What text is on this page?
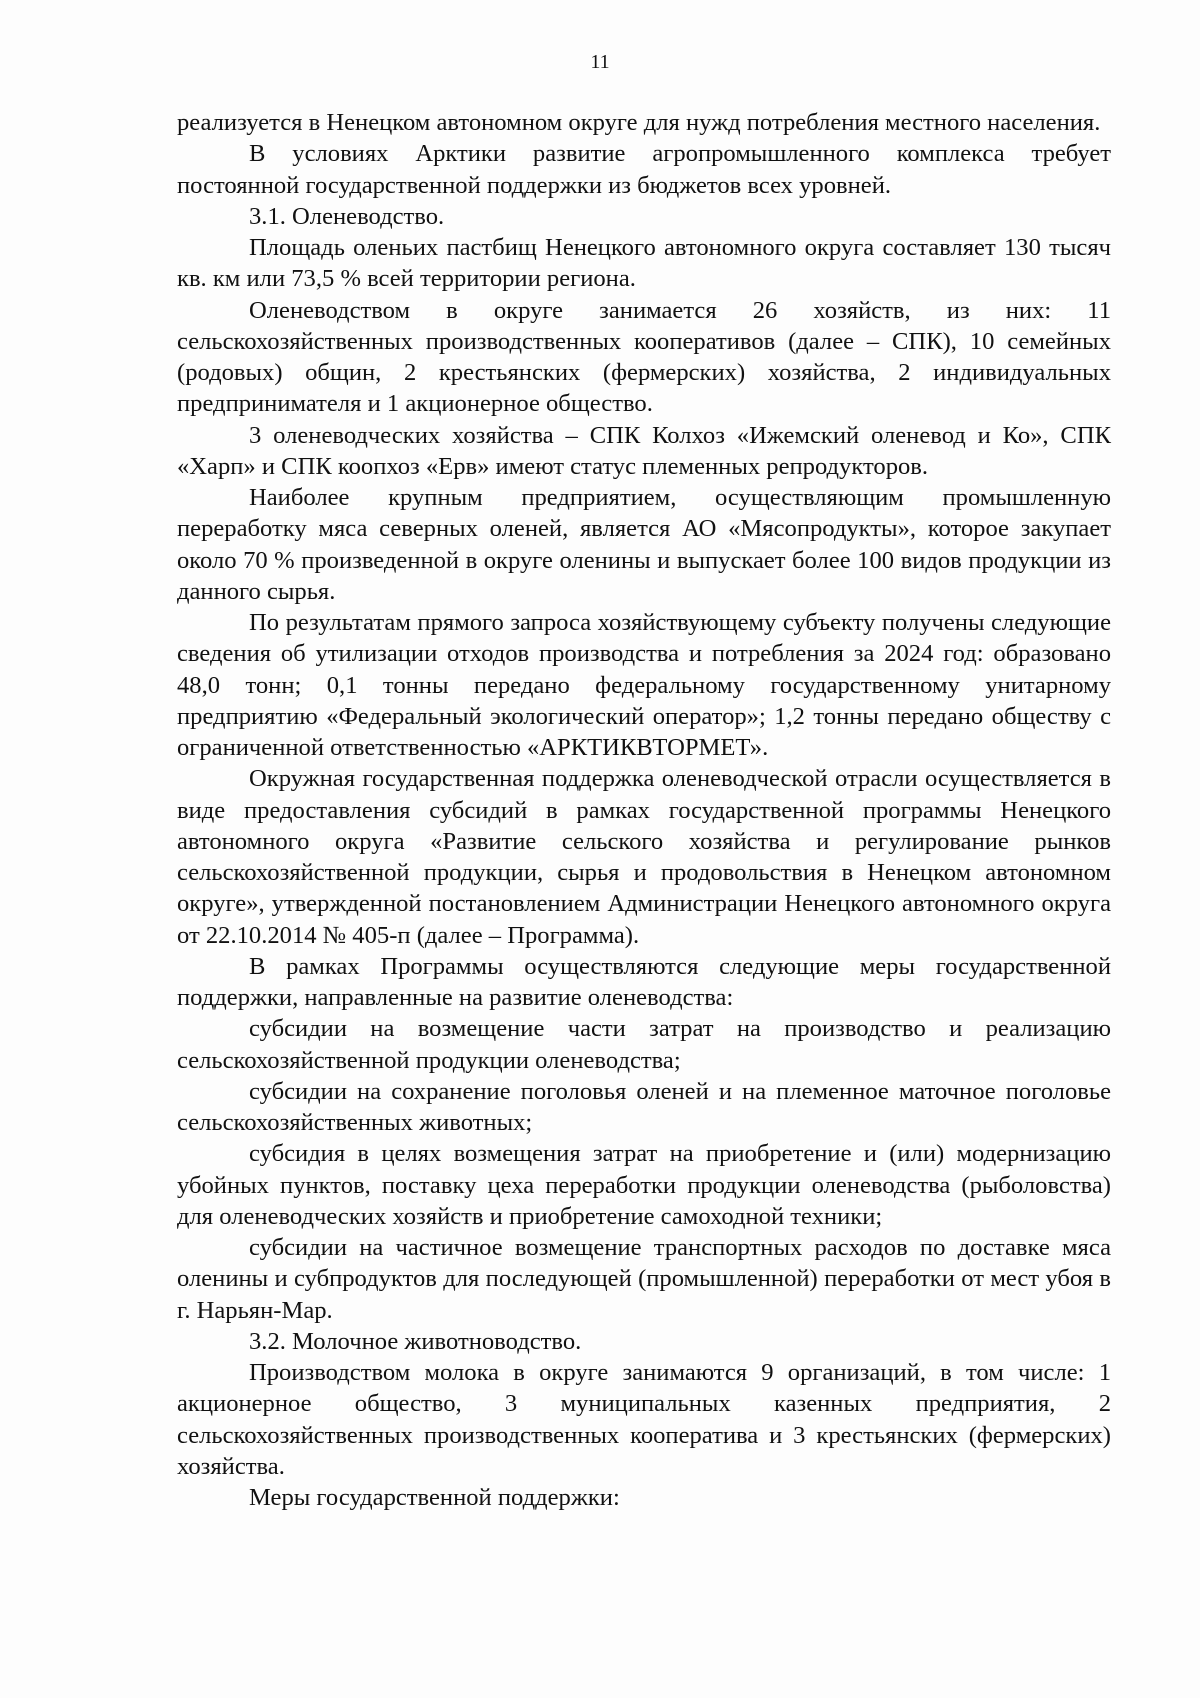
11

реализуется в Ненецком автономном округе для нужд потребления местного населения.

В условиях Арктики развитие агропромышленного комплекса требует постоянной государственной поддержки из бюджетов всех уровней.

3.1. Оленеводство.

Площадь оленьих пастбищ Ненецкого автономного округа составляет 130 тысяч кв. км или 73,5 % всей территории региона.

Оленеводством в округе занимается 26 хозяйств, из них: 11 сельскохозяйственных производственных кооперативов (далее – СПК), 10 семейных (родовых) общин, 2 крестьянских (фермерских) хозяйства, 2 индивидуальных предпринимателя и 1 акционерное общество.

3 оленеводческих хозяйства – СПК Колхоз «Ижемский оленевод и Ко», СПК «Харп» и СПК коопхоз «Ерв» имеют статус племенных репродукторов.

Наиболее крупным предприятием, осуществляющим промышленную переработку мяса северных оленей, является АО «Мясопродукты», которое закупает около 70 % произведенной в округе оленины и выпускает более 100 видов продукции из данного сырья.

По результатам прямого запроса хозяйствующему субъекту получены следующие сведения об утилизации отходов производства и потребления за 2024 год: образовано 48,0 тонн; 0,1 тонны передано федеральному государственному унитарному предприятию «Федеральный экологический оператор»; 1,2 тонны передано обществу с ограниченной ответственностью «АРКТИКВТОРМЕТ».

Окружная государственная поддержка оленеводческой отрасли осуществляется в виде предоставления субсидий в рамках государственной программы Ненецкого автономного округа «Развитие сельского хозяйства и регулирование рынков сельскохозяйственной продукции, сырья и продовольствия в Ненецком автономном округе», утвержденной постановлением Администрации Ненецкого автономного округа от 22.10.2014 № 405-п (далее – Программа).

В рамках Программы осуществляются следующие меры государственной поддержки, направленные на развитие оленеводства:

субсидии на возмещение части затрат на производство и реализацию сельскохозяйственной продукции оленеводства;

субсидии на сохранение поголовья оленей и на племенное маточное поголовье сельскохозяйственных животных;

субсидия в целях возмещения затрат на приобретение и (или) модернизацию убойных пунктов, поставку цеха переработки продукции оленеводства (рыболовства) для оленеводческих хозяйств и приобретение самоходной техники;

субсидии на частичное возмещение транспортных расходов по доставке мяса оленины и субпродуктов для последующей (промышленной) переработки от мест убоя в г. Нарьян-Мар.

3.2. Молочное животноводство.

Производством молока в округе занимаются 9 организаций, в том числе: 1 акционерное общество, 3 муниципальных казенных предприятия, 2 сельскохозяйственных производственных кооператива и 3 крестьянских (фермерских) хозяйства.

Меры государственной поддержки:
